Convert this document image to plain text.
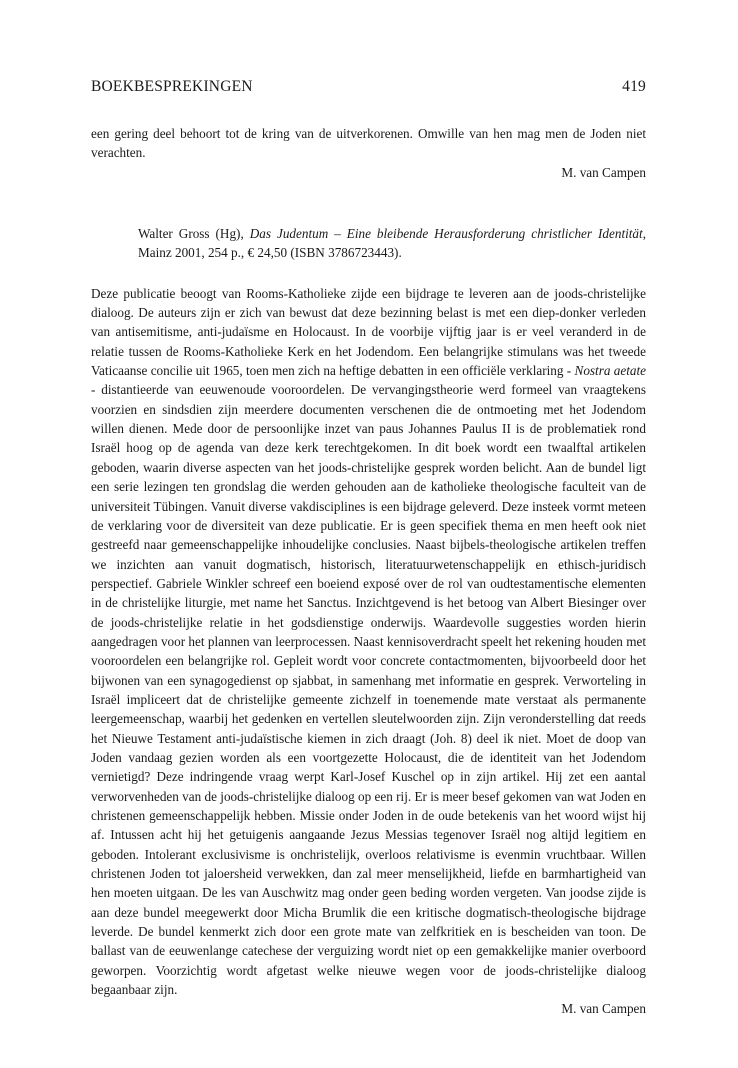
BOEKBESPREKINGEN	419
een gering deel behoort tot de kring van de uitverkorenen. Omwille van hen mag men de Joden niet verachten.
M. van Campen
Walter Gross (Hg), Das Judentum – Eine bleibende Herausforderung christlicher Identität, Mainz 2001, 254 p., € 24,50 (ISBN 3786723443).
Deze publicatie beoogt van Rooms-Katholieke zijde een bijdrage te leveren aan de joods-christelijke dialoog. De auteurs zijn er zich van bewust dat deze bezinning belast is met een diep-donker verleden van antisemitisme, anti-judaïsme en Holocaust. In de voorbije vijftig jaar is er veel veranderd in de relatie tussen de Rooms-Katholieke Kerk en het Jodendom. Een belangrijke stimulans was het tweede Vaticaanse concilie uit 1965, toen men zich na heftige debatten in een officiële verklaring - Nostra aetate - distantieerde van eeuwenoude vooroordelen. De vervangingstheorie werd formeel van vraagtekens voorzien en sindsdien zijn meerdere documenten verschenen die de ontmoeting met het Jodendom willen dienen. Mede door de persoonlijke inzet van paus Johannes Paulus II is de problematiek rond Israël hoog op de agenda van deze kerk terechtgekomen. In dit boek wordt een twaalftal artikelen geboden, waarin diverse aspecten van het joods-christelijke gesprek worden belicht. Aan de bundel ligt een serie lezingen ten grondslag die werden gehouden aan de katholieke theologische faculteit van de universiteit Tübingen. Vanuit diverse vakdisciplines is een bijdrage geleverd. Deze insteek vormt meteen de verklaring voor de diversiteit van deze publicatie. Er is geen specifiek thema en men heeft ook niet gestreefd naar gemeenschappelijke inhoudelijke conclusies. Naast bijbels-theologische artikelen treffen we inzichten aan vanuit dogmatisch, historisch, literatuurwetenschappelijk en ethisch-juridisch perspectief. Gabriele Winkler schreef een boeiend exposé over de rol van oudtestamentische elementen in de christelijke liturgie, met name het Sanctus. Inzichtgevend is het betoog van Albert Biesinger over de joods-christelijke relatie in het godsdienstige onderwijs. Waardevolle suggesties worden hierin aangedragen voor het plannen van leerprocessen. Naast kennisoverdracht speelt het rekening houden met vooroordelen een belangrijke rol. Gepleit wordt voor concrete contactmomenten, bijvoorbeeld door het bijwonen van een synagogedienst op sjabbat, in samenhang met informatie en gesprek. Verworteling in Israël impliceert dat de christelijke gemeente zichzelf in toenemende mate verstaat als permanente leergemeenschap, waarbij het gedenken en vertellen sleutelwoorden zijn. Zijn veronderstelling dat reeds het Nieuwe Testament anti-judaïstische kiemen in zich draagt (Joh. 8) deel ik niet. Moet de doop van Joden vandaag gezien worden als een voortgezette Holocaust, die de identiteit van het Jodendom vernietigd? Deze indringende vraag werpt Karl-Josef Kuschel op in zijn artikel. Hij zet een aantal verworvenheden van de joods-christelijke dialoog op een rij. Er is meer besef gekomen van wat Joden en christenen gemeenschappelijk hebben. Missie onder Joden in de oude betekenis van het woord wijst hij af. Intussen acht hij het getuigenis aangaande Jezus Messias tegenover Israël nog altijd legitiem en geboden. Intolerant exclusivisme is onchristelijk, overloos relativisme is evenmin vruchtbaar. Willen christenen Joden tot jaloersheid verwekken, dan zal meer menselijkheid, liefde en barmhartigheid van hen moeten uitgaan. De les van Auschwitz mag onder geen beding worden vergeten. Van joodse zijde is aan deze bundel meegewerkt door Micha Brumlik die een kritische dogmatisch-theologische bijdrage leverde. De bundel kenmerkt zich door een grote mate van zelfkritiek en is bescheiden van toon. De ballast van de eeuwenlange catechese der verguizing wordt niet op een gemakkelijke manier overboord geworpen. Voorzichtig wordt afgetast welke nieuwe wegen voor de joods-christelijke dialoog begaanbaar zijn.
M. van Campen
